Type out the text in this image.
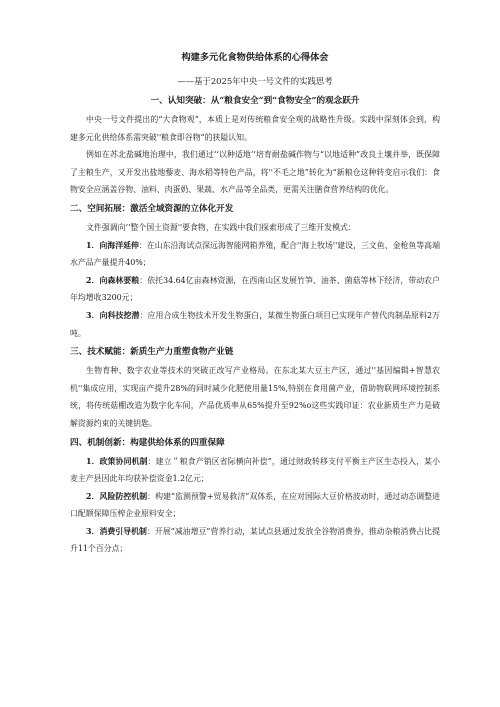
构建多元化食物供给体系的心得体会
——基于2025年中央一号文件的实践思考
一、认知突破：从“粮食安全“到“食物安全”的观念跃升

中央一号文件提出的“大食物观”，本质上是对传统粮食安全观的战略性升级。实践中深刻体会到，构建多元化供给体系需突破''粮食即谷物”的狭隘认知。

例如在苏北盐碱地治理中，我们通过‘‘以种适地’‘培育耐盐碱作物与“以地适种”改良土壤并举，既保障了主粮生产，又开发出盐地藜麦、海水稻等特色产品，将''不毛之地”转化为“新粮仓这种转变启示我们：食物安全应涵盖谷物、油料、肉蛋奶、果蔬、水产品等全品类，更需关注膳食营养结构的优化。

二、空间拓展：激活全域资源的立体化开发

文件强调向‘‘整个国土资源''要食物，在实践中我们探索形成了三维开发模式：

1．向海洋延伸：在山东沿海试点深远海智能网箱养殖，配合''海上牧场''建设，三文鱼、金枪鱼等高端水产品产量提升40%；

2．向森林要粮：依托34.64亿亩森林资源，在西南山区发展竹笋、油茶、菌菇等林下经济，带动农户年均增收3200元；

3．向科技挖潜：应用合成生物技术开发生物蛋白，某微生物蛋白项目已实现年产替代肉制品原料2万吨。

三、技术赋能：新质生产力重塑食物产业链

生物育种、数字农业等技术的突破正改写产业格局。在东北某大豆主产区，通过''基因编辑+智慧农机''集成应用，实现亩产提升28%的同时减少化肥使用量15%,特别在食用菌产业，借助物联网环境控制系统，将传统菇棚改造为数字化车间，产品优质率从65%提升至92%o这些实践印证：农业新质生产力是破解资源约束的关键钥匙。

四、机制创新：构建供给体系的四重保障

1．政策协同机制：建立＂粮食产销区省际横向补偿”，通过财政转移支付平衡主产区生态投入，某小麦主产县因此年均获补偿资金1.2亿元；

2．风险防控机制：构建”监测预警+贸易救济”双体系，在应对国际大豆价格波动时，通过动态调整进口配额保障压榨企业原料安全；

3．消费引导机制：开展“减油增豆”营养行动，某试点县通过发放全谷物消费券，推动杂粮消费占比提升11个百分点；
